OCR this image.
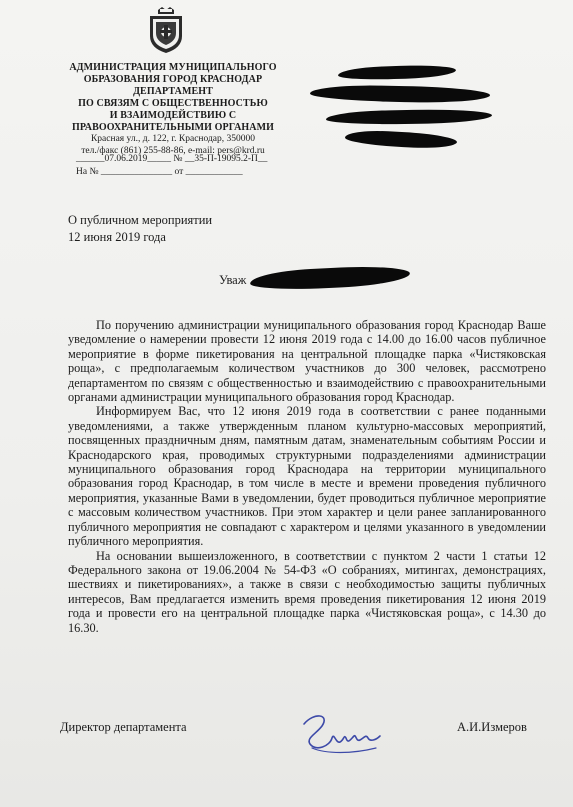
АДМИНИСТРАЦИЯ МУНИЦИПАЛЬНОГО
ОБРАЗОВАНИЯ ГОРОД КРАСНОДАР
ДЕПАРТАМЕНТ
ПО СВЯЗЯМ С ОБЩЕСТВЕННОСТЬЮ
И ВЗАИМОДЕЙСТВИЮ С
ПРАВООХРАНИТЕЛЬНЫМИ ОРГАНАМИ
Красная ул., д. 122, г. Краснодар, 350000
тел./факс (861) 255-88-86, e-mail: pers@krd.ru
______07.06.2019_____ № __35-П-19095.2-П__
На № _______________ от ____________
О публичном мероприятии
12 июня 2019 года
Уваж

По поручению администрации муниципального образования город Краснодар Ваше уведомление о намерении провести 12 июня 2019 года с 14.00 до 16.00 часов публичное мероприятие в форме пикетирования на центральной площадке парка «Чистяковская роща», с предполагаемым количеством участников до 300 человек, рассмотрено департаментом по связям с общественностью и взаимодействию с правоохранительными органами администрации муниципального образования город Краснодар.

Информируем Вас, что 12 июня 2019 года в соответствии с ранее поданными уведомлениями, а также утвержденным планом культурно-массовых мероприятий, посвященных праздничным дням, памятным датам, знаменательным событиям России и Краснодарского края, проводимых структурными подразделениями администрации муниципального образования город Краснодара на территории муниципального образования город Краснодар, в том числе в месте и времени проведения публичного мероприятия, указанные Вами в уведомлении, будет проводиться публичное мероприятие с массовым количеством участников. При этом характер и цели ранее запланированного публичного мероприятия не совпадают с характером и целями указанного в уведомлении публичного мероприятия.

На основании вышеизложенного, в соответствии с пунктом 2 части 1 статьи 12 Федерального закона от 19.06.2004 № 54-ФЗ «О собраниях, митингах, демонстрациях, шествиях и пикетированиях», а также в связи с необходимостью защиты публичных интересов, Вам предлагается изменить время проведения пикетирования 12 июня 2019 года и провести его на центральной площадке парка «Чистяковская роща», с 14.30 до 16.30.

Директор департамента	А.И.Измеров
